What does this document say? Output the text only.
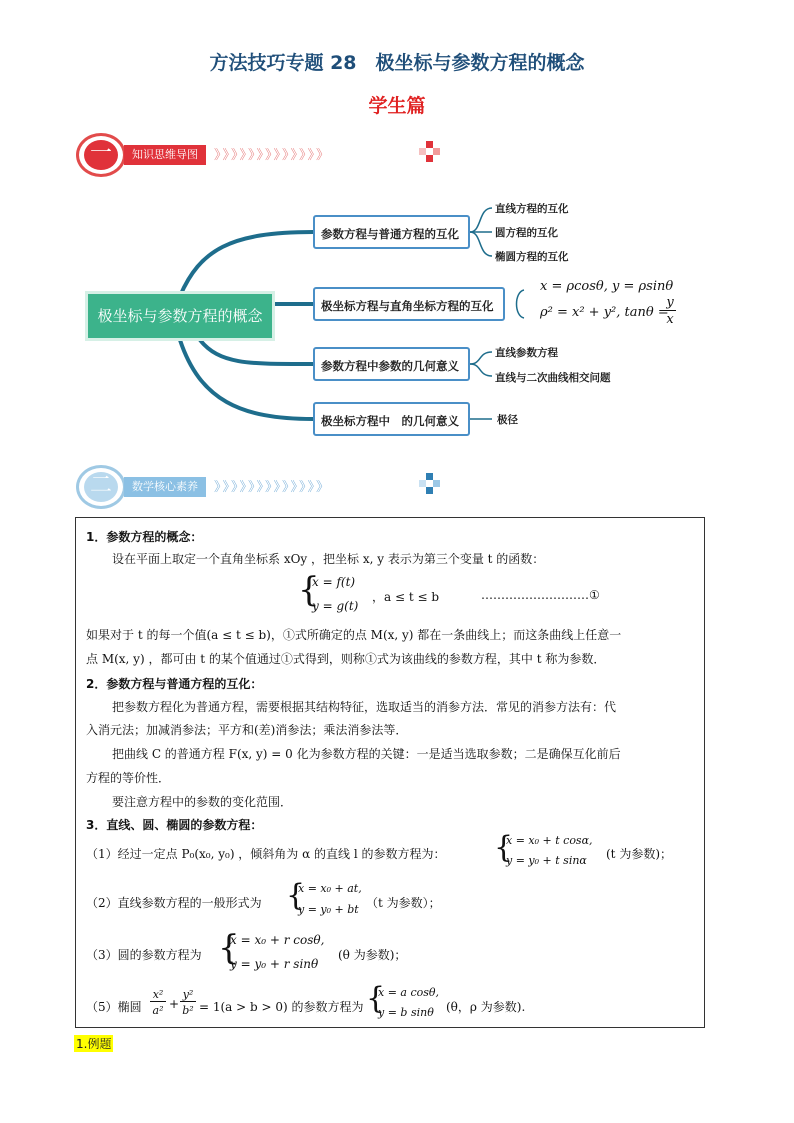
方法技巧专题 28　极坐标与参数方程的概念
学生篇
一	知识思维导图	》》》》》》》》》》》》》
极坐标与参数方程的概念
参数方程与普通方程的互化
直线方程的互化
圆方程的互化
椭圆方程的互化
极坐标方程与直角坐标方程的互化
x = ρcosθ, y = ρsinθ
ρ² = x² + y², tanθ =
y
x
参数方程中参数的几何意义
直线参数方程
直线与二次曲线相交问题
极坐标方程中　的几何意义	极径
二	数学核心素养	》》》》》》》》》》》》》
1．参数方程的概念：
设在平面上取定一个直角坐标系 xOy ，把坐标 x, y 表示为第三个变量 t 的函数：
{
x = f(t)
y = g(t)
，a ≤ t ≤ b	………………………①
如果对于 t 的每一个值(a ≤ t ≤ b)，①式所确定的点 M(x, y) 都在一条曲线上；而这条曲线上任意一
点 M(x, y) ，都可由 t 的某个值通过①式得到，则称①式为该曲线的参数方程，其中 t 称为参数．
2．参数方程与普通方程的互化：
把参数方程化为普通方程，需要根据其结构特征，选取适当的消参方法．常见的消参方法有：代
入消元法；加减消参法；平方和(差)消参法；乘法消参法等．
把曲线 C 的普通方程 F(x, y) = 0 化为参数方程的关键：一是适当选取参数；二是确保互化前后
方程的等价性．
要注意方程中的参数的变化范围．
3．直线、圆、椭圆的参数方程：
（1）经过一定点 P₀(x₀, y₀) ，倾斜角为 α 的直线 l 的参数方程为： {
x = x₀ + t cosα,
y = y₀ + t sinα (t 为参数)；
（2）直线参数方程的一般形式为 {
x = x₀ + at,
y = y₀ + bt （t 为参数）；
（3）圆的参数方程为 {
x = x₀ + r cosθ,
y = y₀ + r sinθ
(θ 为参数)；
（5）椭圆
x²
a² +
y²
b² = 1(a > b > 0) 的参数方程为 {
x = a cosθ,
y = b sinθ (θ，ρ 为参数).
1.例题
